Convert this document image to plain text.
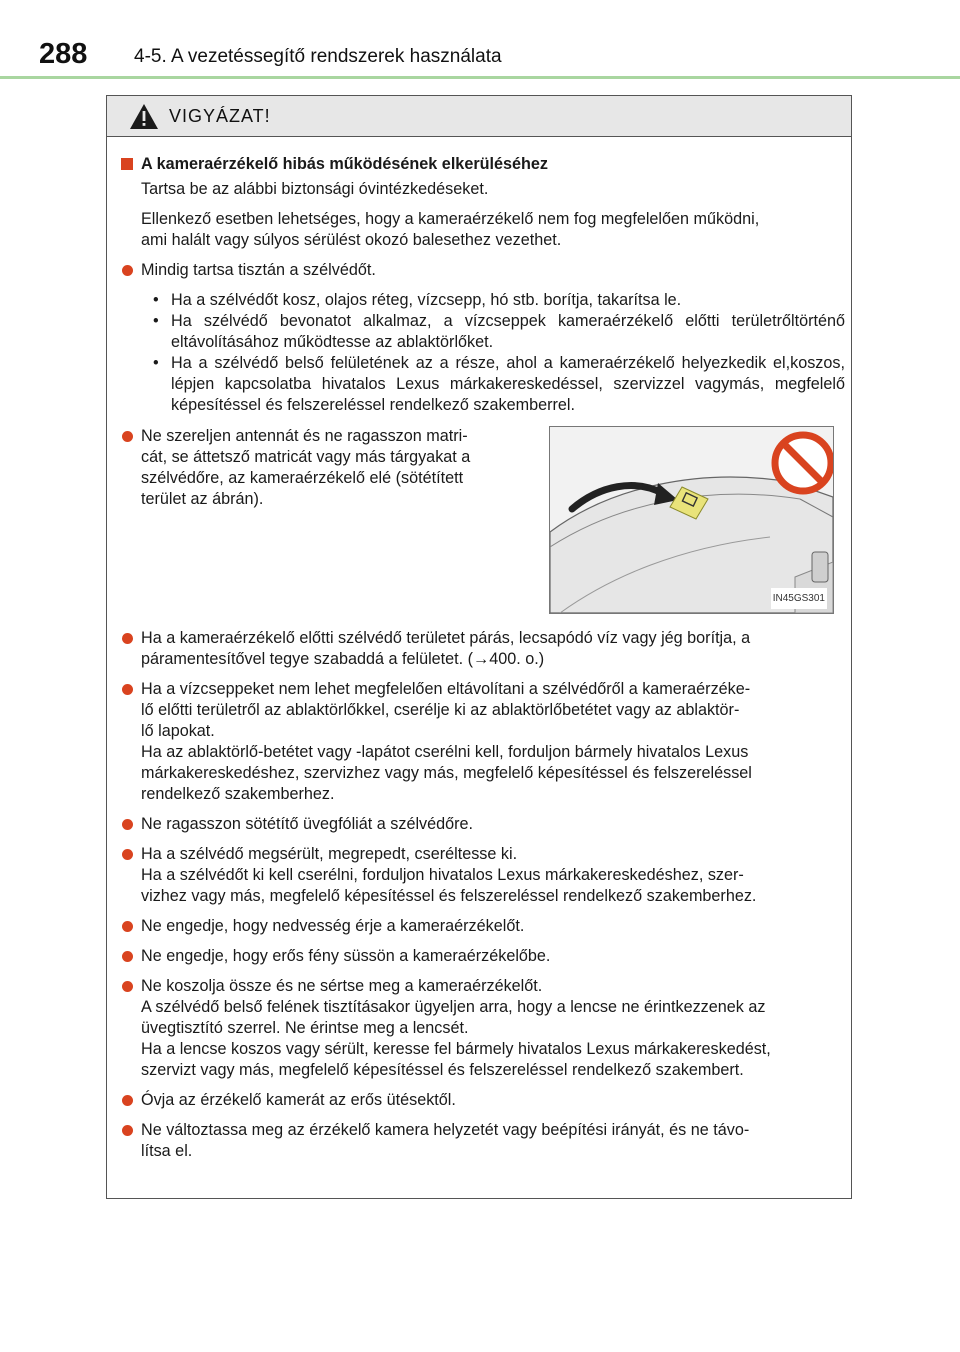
288 4-5. A vezetéssegítő rendszerek használata
VIGYÁZAT!
A kameraérzékelő hibás működésének elkerüléséhez
Tartsa be az alábbi biztonsági óvintézkedéseket.
Ellenkező esetben lehetséges, hogy a kameraérzékelő nem fog megfelelően működni,
ami halált vagy súlyos sérülést okozó balesethez vezethet.
Mindig tartsa tisztán a szélvédőt.
• Ha a szélvédőt kosz, olajos réteg, vízcsepp, hó stb. borítja, takarítsa le.
• Ha szélvédő bevonatot alkalmaz, a vízcseppek kameraérzékelő előtti területrőltörténő eltávolításához működtesse az ablaktörlőket.
• Ha a szélvédő belső felületének az a része, ahol a kameraérzékelő helyezkedik el,koszos, lépjen kapcsolatba hivatalos Lexus márkakereskedéssel, szervizzel vagymás, megfelelő képesítéssel és felszereléssel rendelkező szakemberrel.
Ne szereljen antennát és ne ragasszon matri-
cát, se áttetsző matricát vagy más tárgyakat a
szélvédőre, az kameraérzékelő elé (sötétített
terület az ábrán).
IN45GS301
Ha a kameraérzékelő előtti szélvédő területet párás, lecsapódó víz vagy jég borítja, a
páramentesítővel tegye szabaddá a felületet. (→400. o.)
Ha a vízcseppeket nem lehet megfelelően eltávolítani a szélvédőről a kameraérzéke-
lő előtti területről az ablaktörlőkkel, cserélje ki az ablaktörlőbetétet vagy az ablaktör-
lő lapokat.
Ha az ablaktörlő-betétet vagy -lapátot cserélni kell, forduljon bármely hivatalos Lexus
márkakereskedéshez, szervizhez vagy más, megfelelő képesítéssel és felszereléssel
rendelkező szakemberhez.
Ne ragasszon sötétítő üvegfóliát a szélvédőre.
Ha a szélvédő megsérült, megrepedt, cseréltesse ki.
Ha a szélvédőt ki kell cserélni, forduljon hivatalos Lexus márkakereskedéshez, szer-
vizhez vagy más, megfelelő képesítéssel és felszereléssel rendelkező szakemberhez.
Ne engedje, hogy nedvesség érje a kameraérzékelőt.
Ne engedje, hogy erős fény süssön a kameraérzékelőbe.
Ne koszolja össze és ne sértse meg a kameraérzékelőt.
A szélvédő belső felének tisztításakor ügyeljen arra, hogy a lencse ne érintkezzenek az
üvegtisztító szerrel. Ne érintse meg a lencsét.
Ha a lencse koszos vagy sérült, keresse fel bármely hivatalos Lexus márkakereskedést,
szervizt vagy más, megfelelő képesítéssel és felszereléssel rendelkező szakembert.
Óvja az érzékelő kamerát az erős ütésektől.
Ne változtassa meg az érzékelő kamera helyzetét vagy beépítési irányát, és ne távo-
lítsa el.
